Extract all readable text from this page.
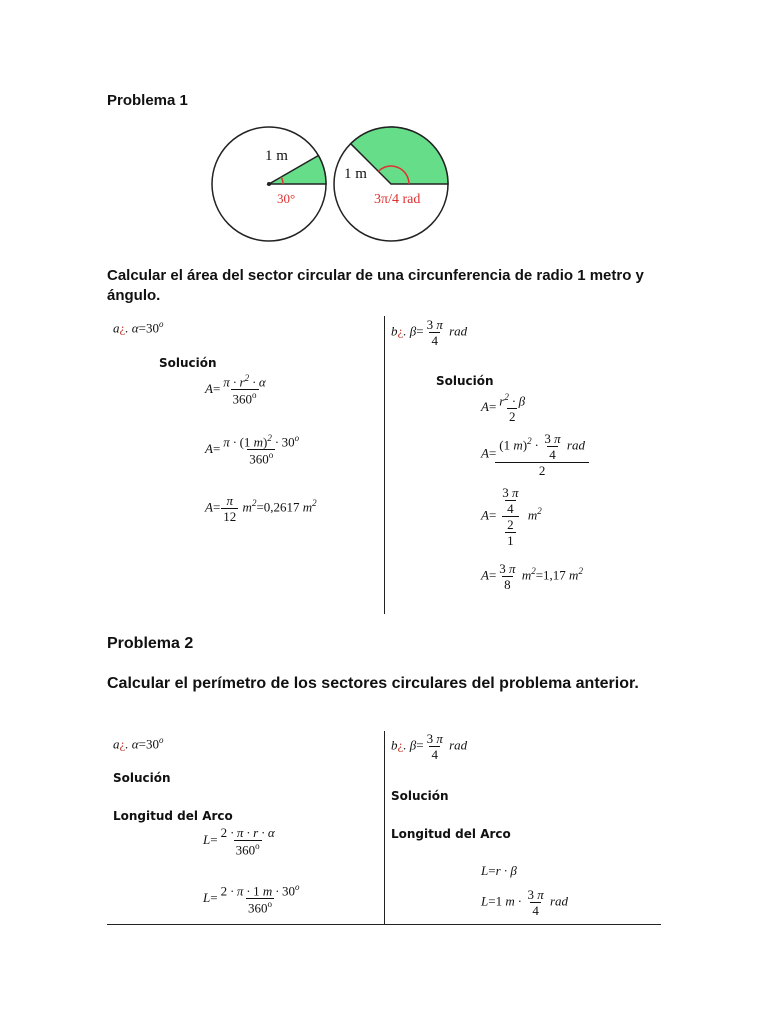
Problema 1
1 m
30°
1 m
3π/4 rad
Calcular el área del sector circular de una circunferencia de radio 1 metro y ángulo.
a¿. $\alpha=30^o$
Solución
$A= \frac{\pi \cdot r^2 \cdot \alpha}{360^o}$
$A= \frac{\pi \cdot (1 m)^2 \cdot 30^o}{360^o}$
$A= \frac{\pi}{12} m^2=0,2617$ $m^2$
b¿. $\beta= \frac{3 \pi}{4}$ rad
Solución
$A= \frac{r^2 \cdot \beta}{2}$
$A= \frac{(1 m)^2 \cdot \frac{3 \pi}{4} rad}{2}$
$A= \frac{\frac{3 \pi}{4}}{\frac{2}{1}} m^2$
$A= \frac{3 \pi}{8} m^2=1,17$ $m^2$
Problema 2
Calcular el perímetro de los sectores circulares del problema anterior.
a¿. $\alpha=30^o$
Solución
Longitud del Arco
$L= \frac{2 \cdot \pi \cdot r \cdot \alpha}{360^o}$
$L= \frac{2 \cdot \pi \cdot 1 m \cdot 30^o}{360^o}$
b¿. $\beta= \frac{3 \pi}{4}$ rad
Solución
Longitud del Arco
L=r · β
L=1 $m \cdot \frac{3 \pi}{4}$ rad
